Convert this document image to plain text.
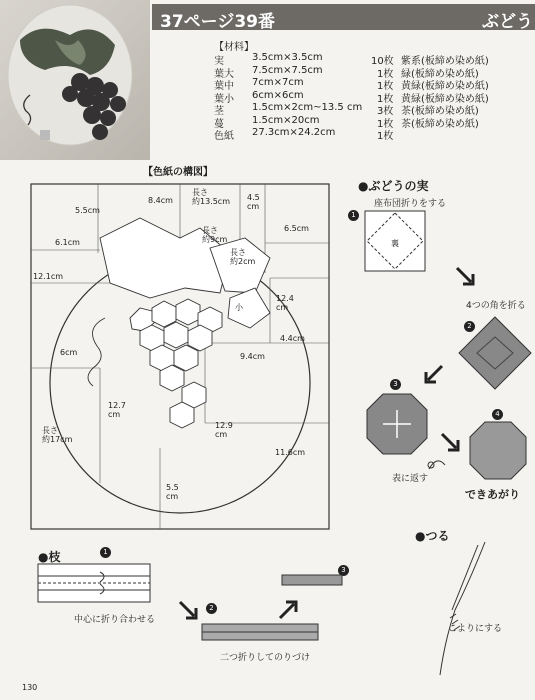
37ページ39番	ぶどう
【材料】
実	3.5cm×3.5cm	10枚 紫系(板締め染め紙)
葉大 7.5cm×7.5cm	1枚 緑(板締め染め紙)
葉中 7cm×7cm	1枚 黄緑(板締め染め紙)
葉小 6cm×6cm	1枚 黄緑(板締め染め紙)
茎	1.5cm×2cm~13.5 cm 3枚 茶(板締め染め紙)
蔓	1.5cm×20cm	1枚 茶(板締め染め紙)
色紙 27.3cm×24.2cm	1枚
【色紙の構図】
8.4cm
長さ約13.5cm 4.5 cm
5.5cm
長さ約9cm
6.5cm
6.1cm
長さ約2cm
12.1cm
12.4 cm
小
4.4cm
6cm	9.4cm
12.7 cm
12.9 cm
長さ約17cm
11.6cm
5.5 cm
●ぶどうの実
座布団折りをする
1
裏
4つの角を折る
2
3
4
表に返す
できあがり
●枝	1
中心に折り合わせる
2
二つ折りしてのりづけ
3
●つる
こよりにする
130
